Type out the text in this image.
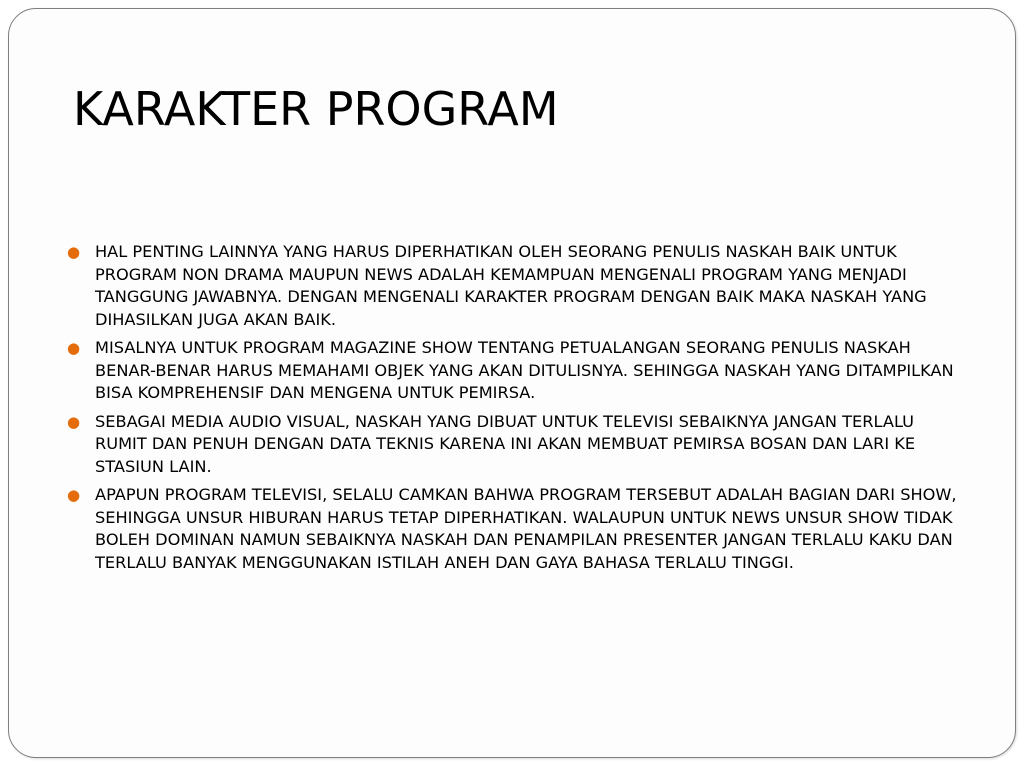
KARAKTER PROGRAM
● HAL PENTING LAINNYA YANG HARUS DIPERHATIKAN OLEH SEORANG PENULIS NASKAH BAIK UNTUK PROGRAM NON DRAMA MAUPUN NEWS ADALAH KEMAMPUAN MENGENALI PROGRAM YANG MENJADI TANGGUNG JAWABNYA. DENGAN MENGENALI KARAKTER PROGRAM DENGAN BAIK MAKA NASKAH YANG DIHASILKAN JUGA AKAN BAIK.
● MISALNYA UNTUK PROGRAM MAGAZINE SHOW TENTANG PETUALANGAN SEORANG PENULIS NASKAH BENAR-BENAR HARUS MEMAHAMI OBJEK YANG AKAN DITULISNYA. SEHINGGA NASKAH YANG DITAMPILKAN BISA KOMPREHENSIF DAN MENGENA UNTUK PEMIRSA.
● SEBAGAI MEDIA AUDIO VISUAL, NASKAH YANG DIBUAT UNTUK TELEVISI SEBAIKNYA JANGAN TERLALU RUMIT DAN PENUH DENGAN DATA TEKNIS KARENA INI AKAN MEMBUAT PEMIRSA BOSAN DAN LARI KE STASIUN LAIN.
● APAPUN PROGRAM TELEVISI, SELALU CAMKAN BAHWA PROGRAM TERSEBUT ADALAH BAGIAN DARI SHOW, SEHINGGA UNSUR HIBURAN HARUS TETAP DIPERHATIKAN. WALAUPUN UNTUK NEWS UNSUR SHOW TIDAK BOLEH DOMINAN NAMUN SEBAIKNYA NASKAH DAN PENAMPILAN PRESENTER JANGAN TERLALU KAKU DAN TERLALU BANYAK MENGGUNAKAN ISTILAH ANEH DAN GAYA BAHASA TERLALU TINGGI.
